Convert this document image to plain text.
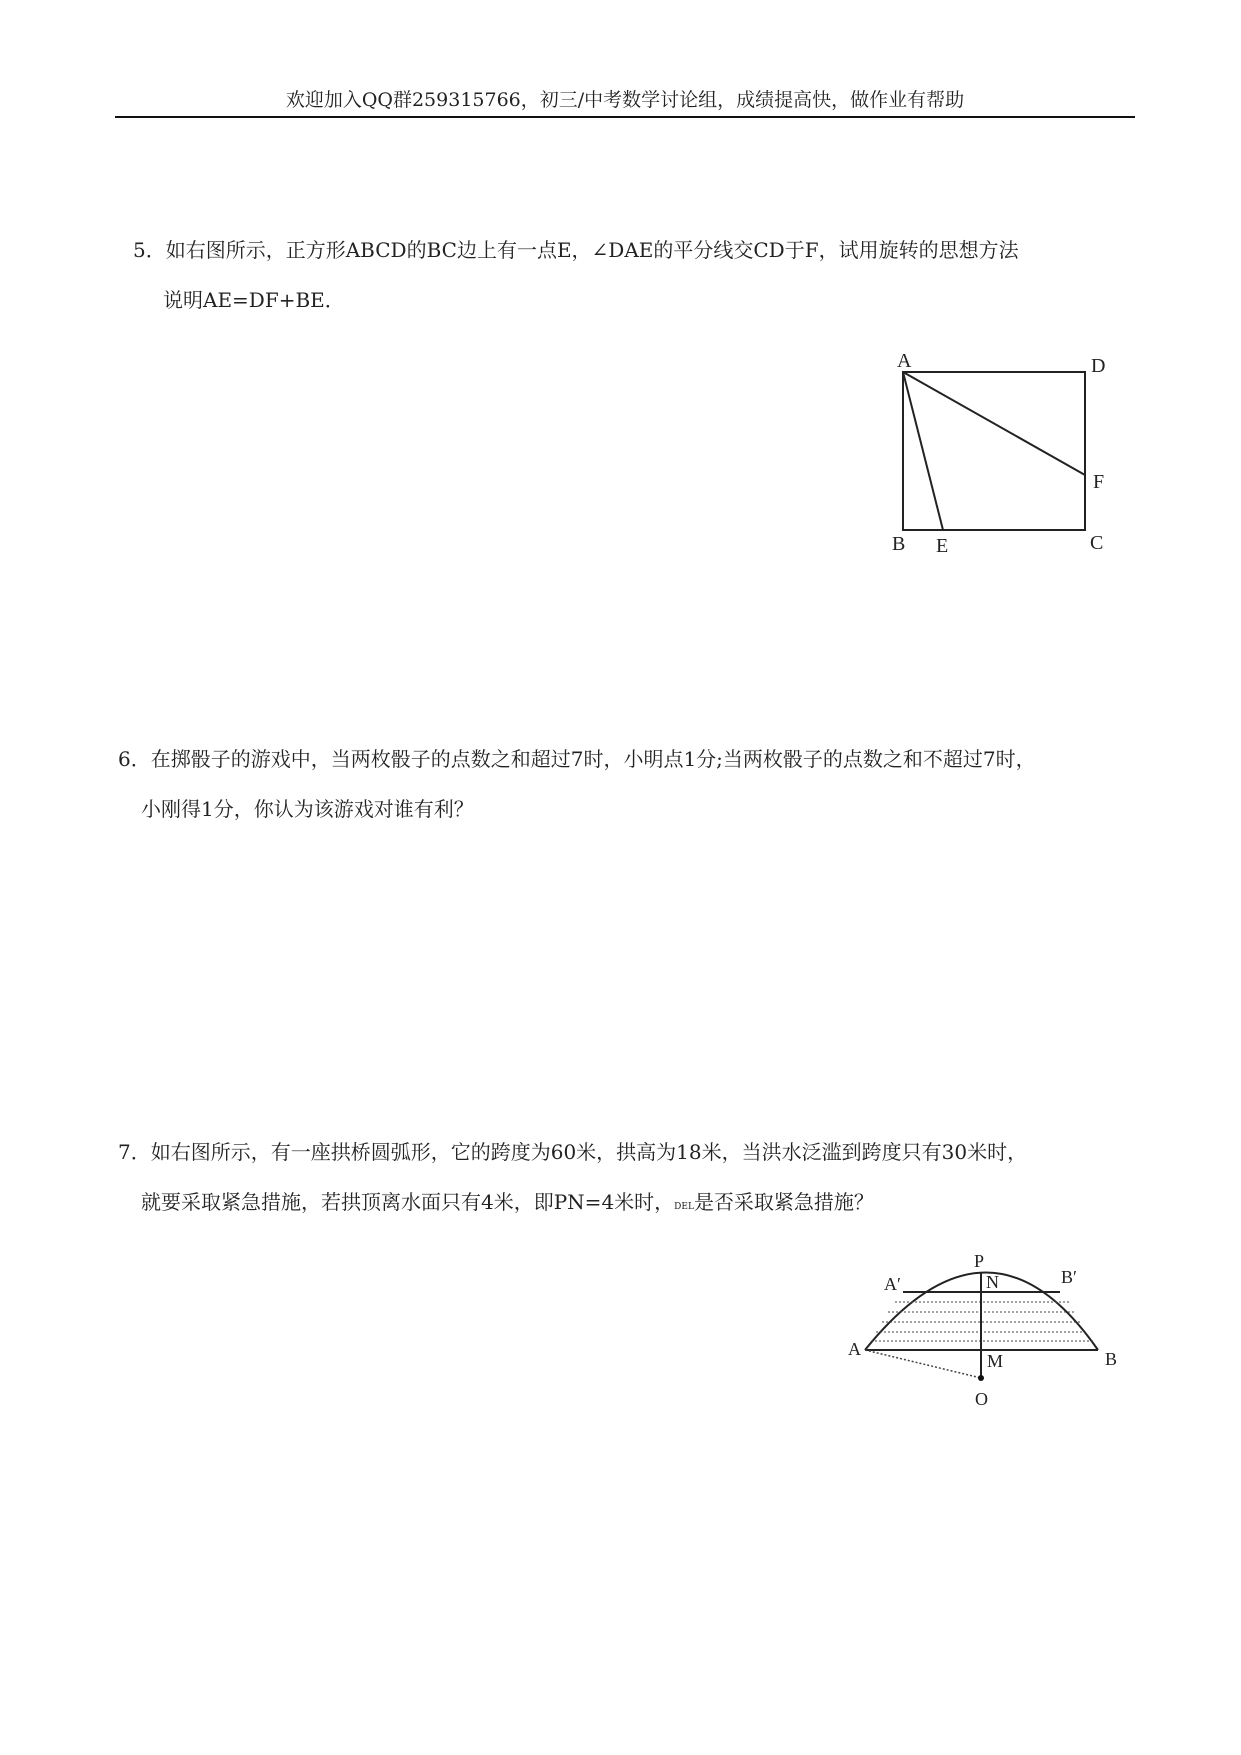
欢迎加入QQ群259315766，初三/中考数学讨论组，成绩提高快，做作业有帮助
5．如右图所示，正方形ABCD的BC边上有一点E，∠DAE的平分线交CD于F，试用旋转的思想方法
说明AE=DF+BE．
A	D
F
B E	C
6．在掷骰子的游戏中，当两枚骰子的点数之和超过7时，小明点1分;当两枚骰子的点数之和不超过7时，
小刚得1分，你认为该游戏对谁有利？
7．如右图所示，有一座拱桥圆弧形，它的跨度为60米，拱高为18米，当洪水泛滥到跨度只有30米时，
就要采取紧急措施，若拱顶离水面只有4米，即PN=4米时，DEL是否采取紧急措施？
P
N
A′	B′
A	B
M
O
